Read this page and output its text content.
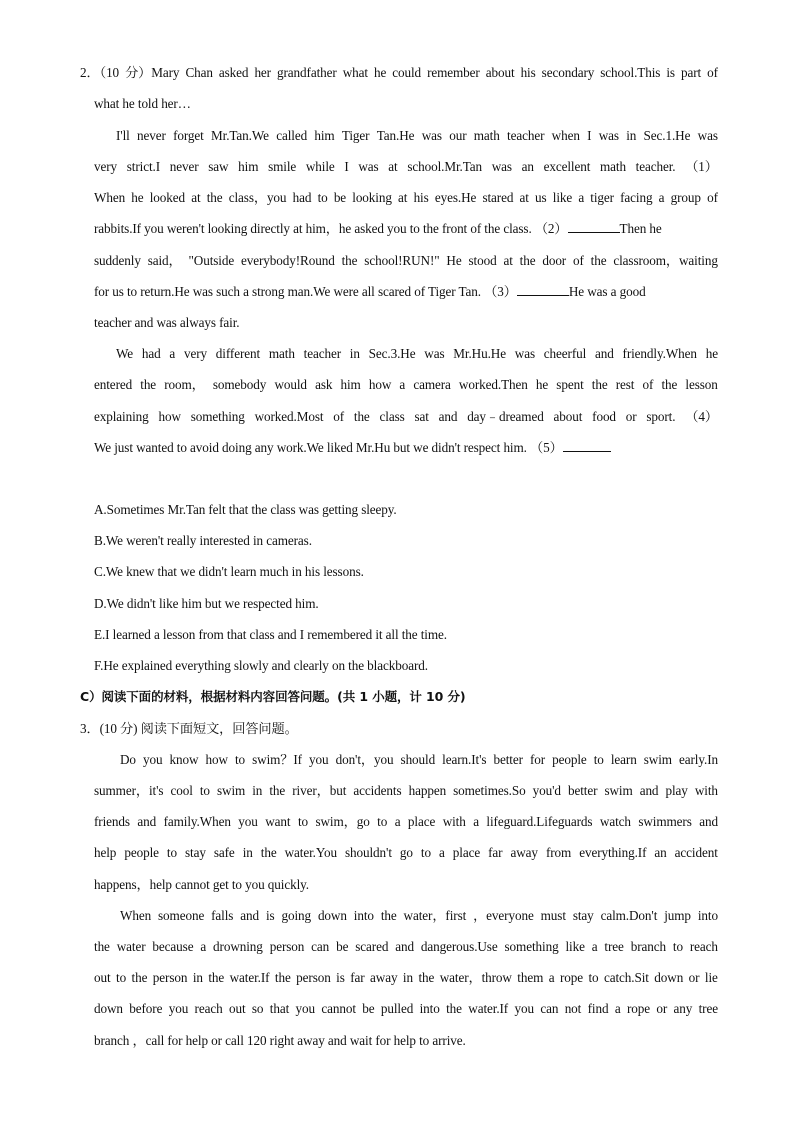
2．（10 分）Mary Chan asked her grandfather what he could remember about his secondary school.This is part of
what he told her…
I'll never forget Mr.Tan.We called him Tiger Tan.He was our math teacher when I was in Sec.1.He was
very strict.I never saw him smile while I was at school.Mr.Tan was an excellent math teacher. （1）
When he looked at the class，you had to be looking at his eyes.He stared at us like a tiger facing a group of
rabbits.If you weren't looking directly at him，he asked you to the front of the class. （2）	Then he
suddenly said， "Outside everybody!Round the school!RUN!" He stood at the door of the classroom，waiting
for us to return.He was such a strong man.We were all scared of Tiger Tan. （3）	He was a good
teacher and was always fair.
We had a very different math teacher in Sec.3.He was Mr.Hu.He was cheerful and friendly.When he
entered the room， somebody would ask him how a camera worked.Then he spent the rest of the lesson
explaining how something worked.Most of the class sat and day﹣dreamed about food or sport. （4）
We just wanted to avoid doing any work.We liked Mr.Hu but we didn't respect him. （5）
A.Sometimes Mr.Tan felt that the class was getting sleepy.
B.We weren't really interested in cameras.
C.We knew that we didn't learn much in his lessons.
D.We didn't like him but we respected him.
E.I learned a lesson from that class and I remembered it all the time.
F.He explained everything slowly and clearly on the blackboard.
C）阅读下面的材料，根据材料内容回答问题。(共 1 小题，计 10 分)
3．(10 分) 阅读下面短文，回答问题。
Do you know how to swim？If you don't，you should learn.It's better for people to learn swim early.In
summer，it's cool to swim in the river，but accidents happen sometimes.So you'd better swim and play with
friends and family.When you want to swim，go to a place with a lifeguard.Lifeguards watch swimmers and
help people to stay safe in the water.You shouldn't go to a place far away from everything.If an accident
happens，help cannot get to you quickly.
When someone falls and is going down into the water，first ，everyone must stay calm.Don't jump into
the water because a drowning person can be scared and dangerous.Use something like a tree branch to reach
out to the person in the water.If the person is far away in the water，throw them a rope to catch.Sit down or lie
down before you reach out so that you cannot be pulled into the water.If you can not find a rope or any tree
branch ，call for help or call 120 right away and wait for help to arrive.
